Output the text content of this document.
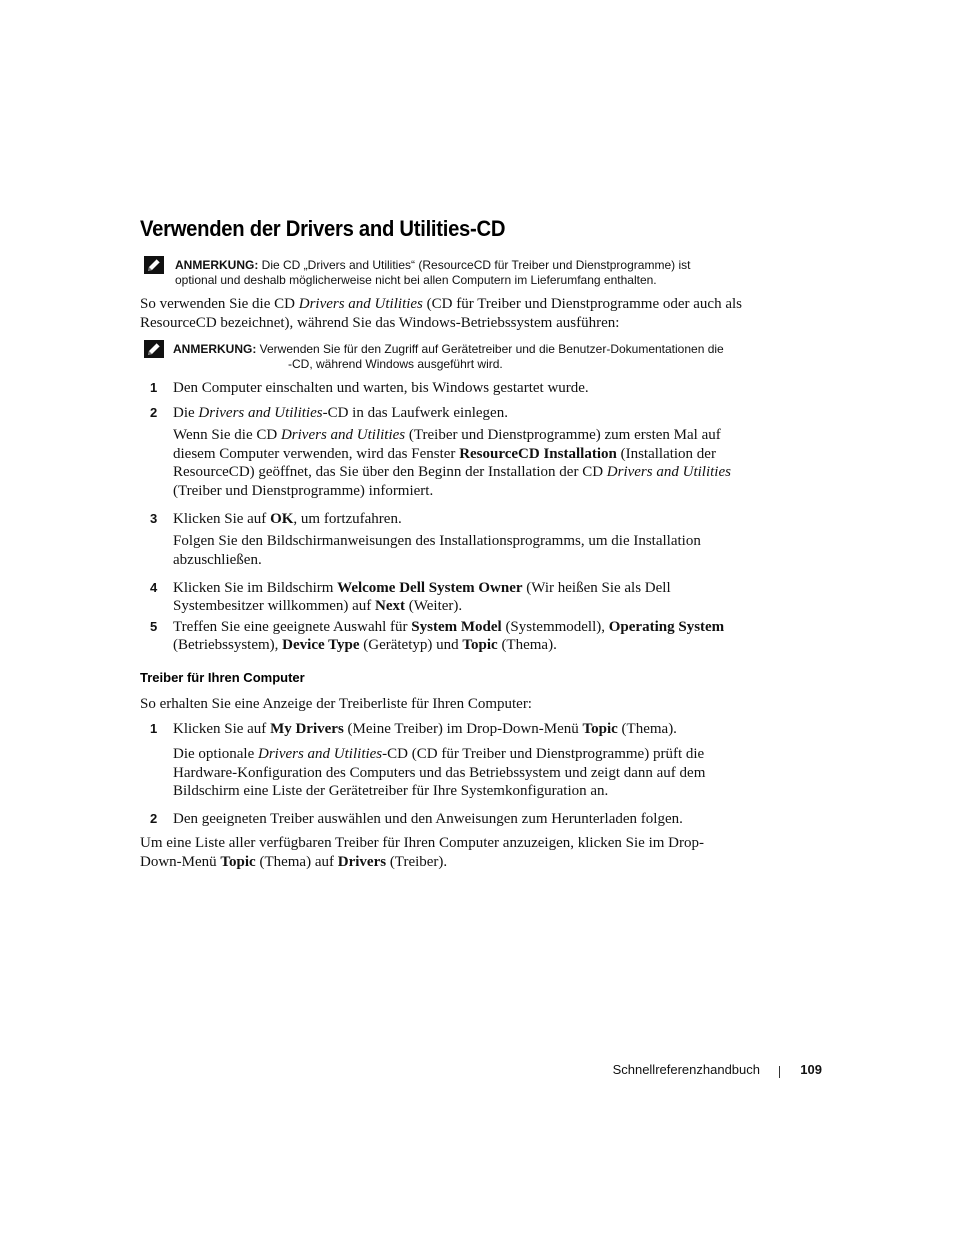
Verwenden der Drivers and Utilities-CD
ANMERKUNG: Die CD „Drivers and Utilities“ (ResourceCD für Treiber und Dienstprogramme) ist
optional und deshalb möglicherweise nicht bei allen Computern im Lieferumfang enthalten.
So verwenden Sie die CD Drivers and Utilities (CD für Treiber und Dienstprogramme oder auch als ResourceCD bezeichnet), während Sie das Windows-Betriebssystem ausführen:
ANMERKUNG: Verwenden Sie für den Zugriff auf Gerätetreiber und die Benutzer-Dokumentationen die
-CD, während Windows ausgeführt wird.
1 Den Computer einschalten und warten, bis Windows gestartet wurde.
2 Die Drivers and Utilities-CD in das Laufwerk einlegen.
Wenn Sie die CD Drivers and Utilities (Treiber und Dienstprogramme) zum ersten Mal auf diesem Computer verwenden, wird das Fenster ResourceCD Installation (Installation der ResourceCD) geöffnet, das Sie über den Beginn der Installation der CD Drivers and Utilities (Treiber und Dienstprogramme) informiert.
3 Klicken Sie auf OK, um fortzufahren.
Folgen Sie den Bildschirmanweisungen des Installationsprogramms, um die Installation abzuschließen.
4 Klicken Sie im Bildschirm Welcome Dell System Owner (Wir heißen Sie als Dell Systembesitzer willkommen) auf Next (Weiter).
5 Treffen Sie eine geeignete Auswahl für System Model (Systemmodell), Operating System (Betriebssystem), Device Type (Gerätetyp) und Topic (Thema).
Treiber für Ihren Computer
So erhalten Sie eine Anzeige der Treiberliste für Ihren Computer:
1 Klicken Sie auf My Drivers (Meine Treiber) im Drop-Down-Menü Topic (Thema).
Die optionale Drivers and Utilities-CD (CD für Treiber und Dienstprogramme) prüft die Hardware-Konfiguration des Computers und das Betriebssystem und zeigt dann auf dem Bildschirm eine Liste der Gerätetreiber für Ihre Systemkonfiguration an.
2 Den geeigneten Treiber auswählen und den Anweisungen zum Herunterladen folgen.
Um eine Liste aller verfügbaren Treiber für Ihren Computer anzuzeigen, klicken Sie im Drop-Down-Menü Topic (Thema) auf Drivers (Treiber).
Schnellreferenzhandbuch	109
